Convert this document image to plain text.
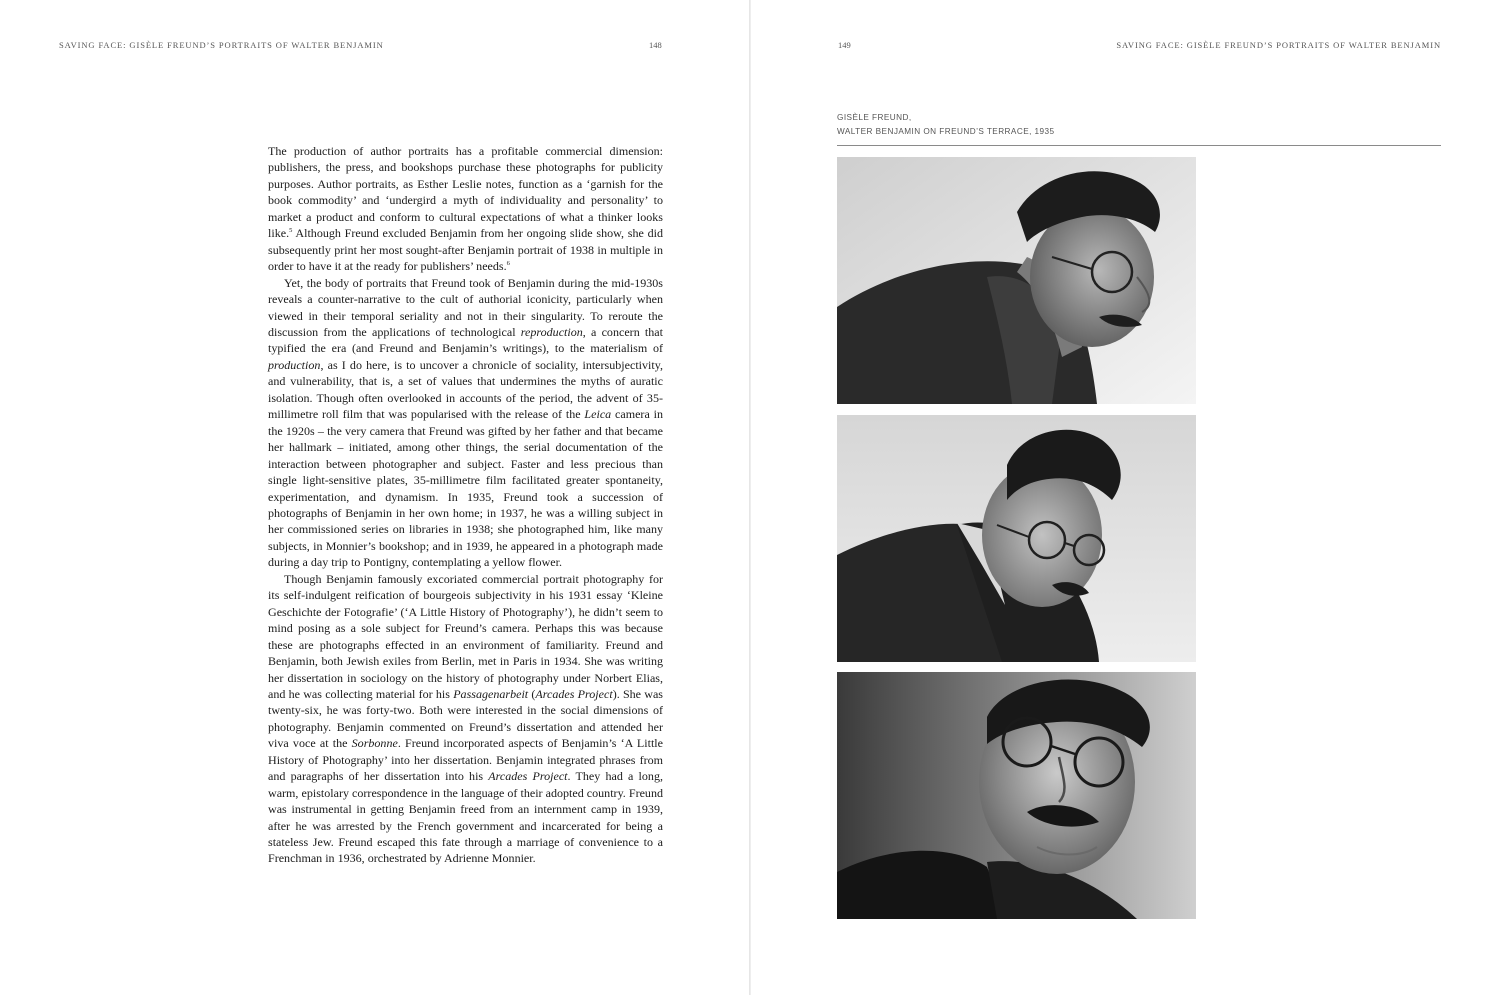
SAVING FACE: GISÈLE FREUND’S PORTRAITS OF WALTER BENJAMIN	148

The production of author portraits has a profitable commercial dimension: publishers, the press, and bookshops purchase these photographs for publicity purposes. Author portraits, as Esther Leslie notes, function as a ‘garnish for the book commodity’ and ‘undergird a myth of individuality and personality’ to market a product and conform to cultural expectations of what a thinker looks like.$^5$ Although Freund excluded Benjamin from her ongoing slide show, she did subsequently print her most sought-after Benjamin portrait of 1938 in multiple in order to have it at the ready for publishers’ needs.$^6$

Yet, the body of portraits that Freund took of Benjamin during the mid-1930s reveals a counter-narrative to the cult of authorial iconicity, particularly when viewed in their temporal seriality and not in their singularity. To reroute the discussion from the applications of technological reproduction, a concern that typified the era (and Freund and Benjamin’s writings), to the materialism of production, as I do here, is to uncover a chronicle of sociality, intersubjectivity, and vulnerability, that is, a set of values that undermines the myths of auratic isolation. Though often overlooked in accounts of the period, the advent of 35-millimetre roll film that was popularised with the release of the Leica camera in the 1920s – the very camera that Freund was gifted by her father and that became her hallmark – initiated, among other things, the serial documentation of the interaction between photographer and subject. Faster and less precious than single light-sensitive plates, 35-millimetre film facilitated greater spontaneity, experimentation, and dynamism. In 1935, Freund took a succession of photographs of Benjamin in her own home; in 1937, he was a willing subject in her commissioned series on libraries in 1938; she photographed him, like many subjects, in Monnier’s bookshop; and in 1939, he appeared in a photograph made during a day trip to Pontigny, contemplating a yellow flower.

Though Benjamin famously excoriated commercial portrait photography for its self-indulgent reification of bourgeois subjectivity in his 1931 essay ‘Kleine Geschichte der Fotografie’ (‘A Little History of Photography’), he didn’t seem to mind posing as a sole subject for Freund’s camera. Perhaps this was because these are photographs effected in an environment of familiarity. Freund and Benjamin, both Jewish exiles from Berlin, met in Paris in 1934. She was writing her dissertation in sociology on the history of photography under Norbert Elias, and he was collecting material for his Passagenarbeit (Arcades Project). She was twenty-six, he was forty-two. Both were interested in the social dimensions of photography. Benjamin commented on Freund’s dissertation and attended her viva voce at the Sorbonne. Freund incorporated aspects of Benjamin’s ‘A Little History of Photography’ into her dissertation. Benjamin integrated phrases from and paragraphs of her dissertation into his Arcades Project. They had a long, warm, epistolary correspondence in the language of their adopted country. Freund was instrumental in getting Benjamin freed from an internment camp in 1939, after he was arrested by the French government and incarcerated for being a stateless Jew. Freund escaped this fate through a marriage of convenience to a Frenchman in 1936, orchestrated by Adrienne Monnier.

149	SAVING FACE: GISÈLE FREUND’S PORTRAITS OF WALTER BENJAMIN
GISÈLE FREUND,
WALTER BENJAMIN ON FREUND’S TERRACE, 1935
